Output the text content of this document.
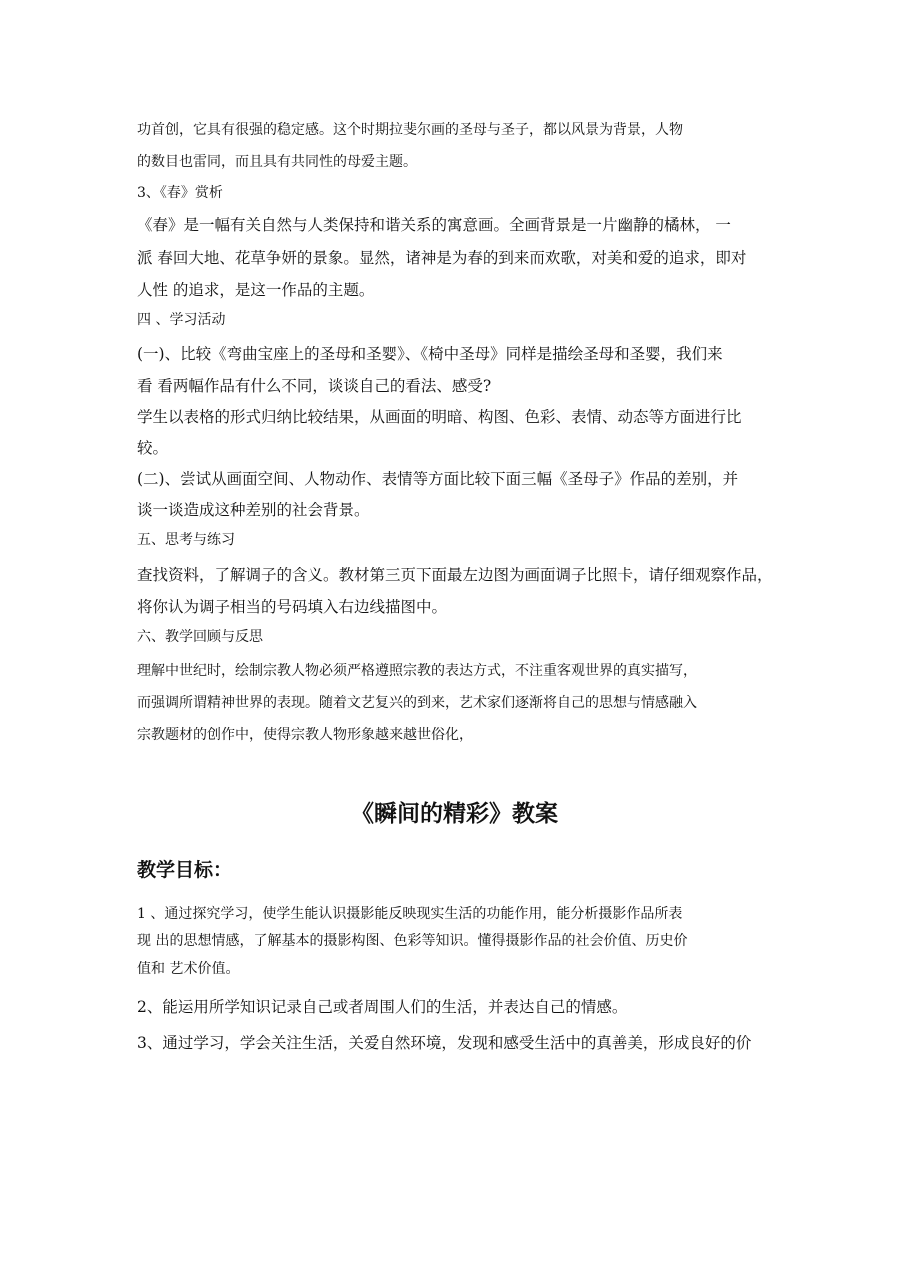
功首创，它具有很强的稳定感。这个时期拉斐尔画的圣母与圣子，都以风景为背景，人物

的数目也雷同，而且具有共同性的母爱主题。

3、《春》赏析

《春》是一幅有关自然与人类保持和谐关系的寓意画。全画背景是一片幽静的橘林， 一

派 春回大地、花草争妍的景象。显然，诸神是为春的到来而欢歌，对美和爱的追求，即对

人性 的追求，是这一作品的主题。

四 、学习活动

(一)、比较《弯曲宝座上的圣母和圣婴》、《椅中圣母》同样是描绘圣母和圣婴，我们来

看 看两幅作品有什么不同，谈谈自己的看法、感受?

学生以表格的形式归纳比较结果，从画面的明暗、构图、色彩、表情、动态等方面进行比

较。

(二)、尝试从画面空间、人物动作、表情等方面比较下面三幅《圣母子》作品的差别，并

谈一谈造成这种差别的社会背景。

五、思考与练习

查找资料，了解调子的含义。教材第三页下面最左边图为画面调子比照卡，请仔细观察作品，

将你认为调子相当的号码填入右边线描图中。

六、教学回顾与反思

理解中世纪时，绘制宗教人物必须严格遵照宗教的表达方式，不注重客观世界的真实描写，

而强调所谓精神世界的表现。随着文艺复兴的到来，艺术家们逐渐将自己的思想与情感融入

宗教题材的创作中，使得宗教人物形象越来越世俗化，

《瞬间的精彩》教案
教学目标：

1 、通过探究学习，使学生能认识摄影能反映现实生活的功能作用，能分析摄影作品所表

现 出的思想情感，了解基本的摄影构图、色彩等知识。懂得摄影作品的社会价值、历史价

值和 艺术价值。

2、能运用所学知识记录自己或者周围人们的生活，并表达自己的情感。

3、通过学习，学会关注生活，关爱自然环境，发现和感受生活中的真善美，形成良好的价
